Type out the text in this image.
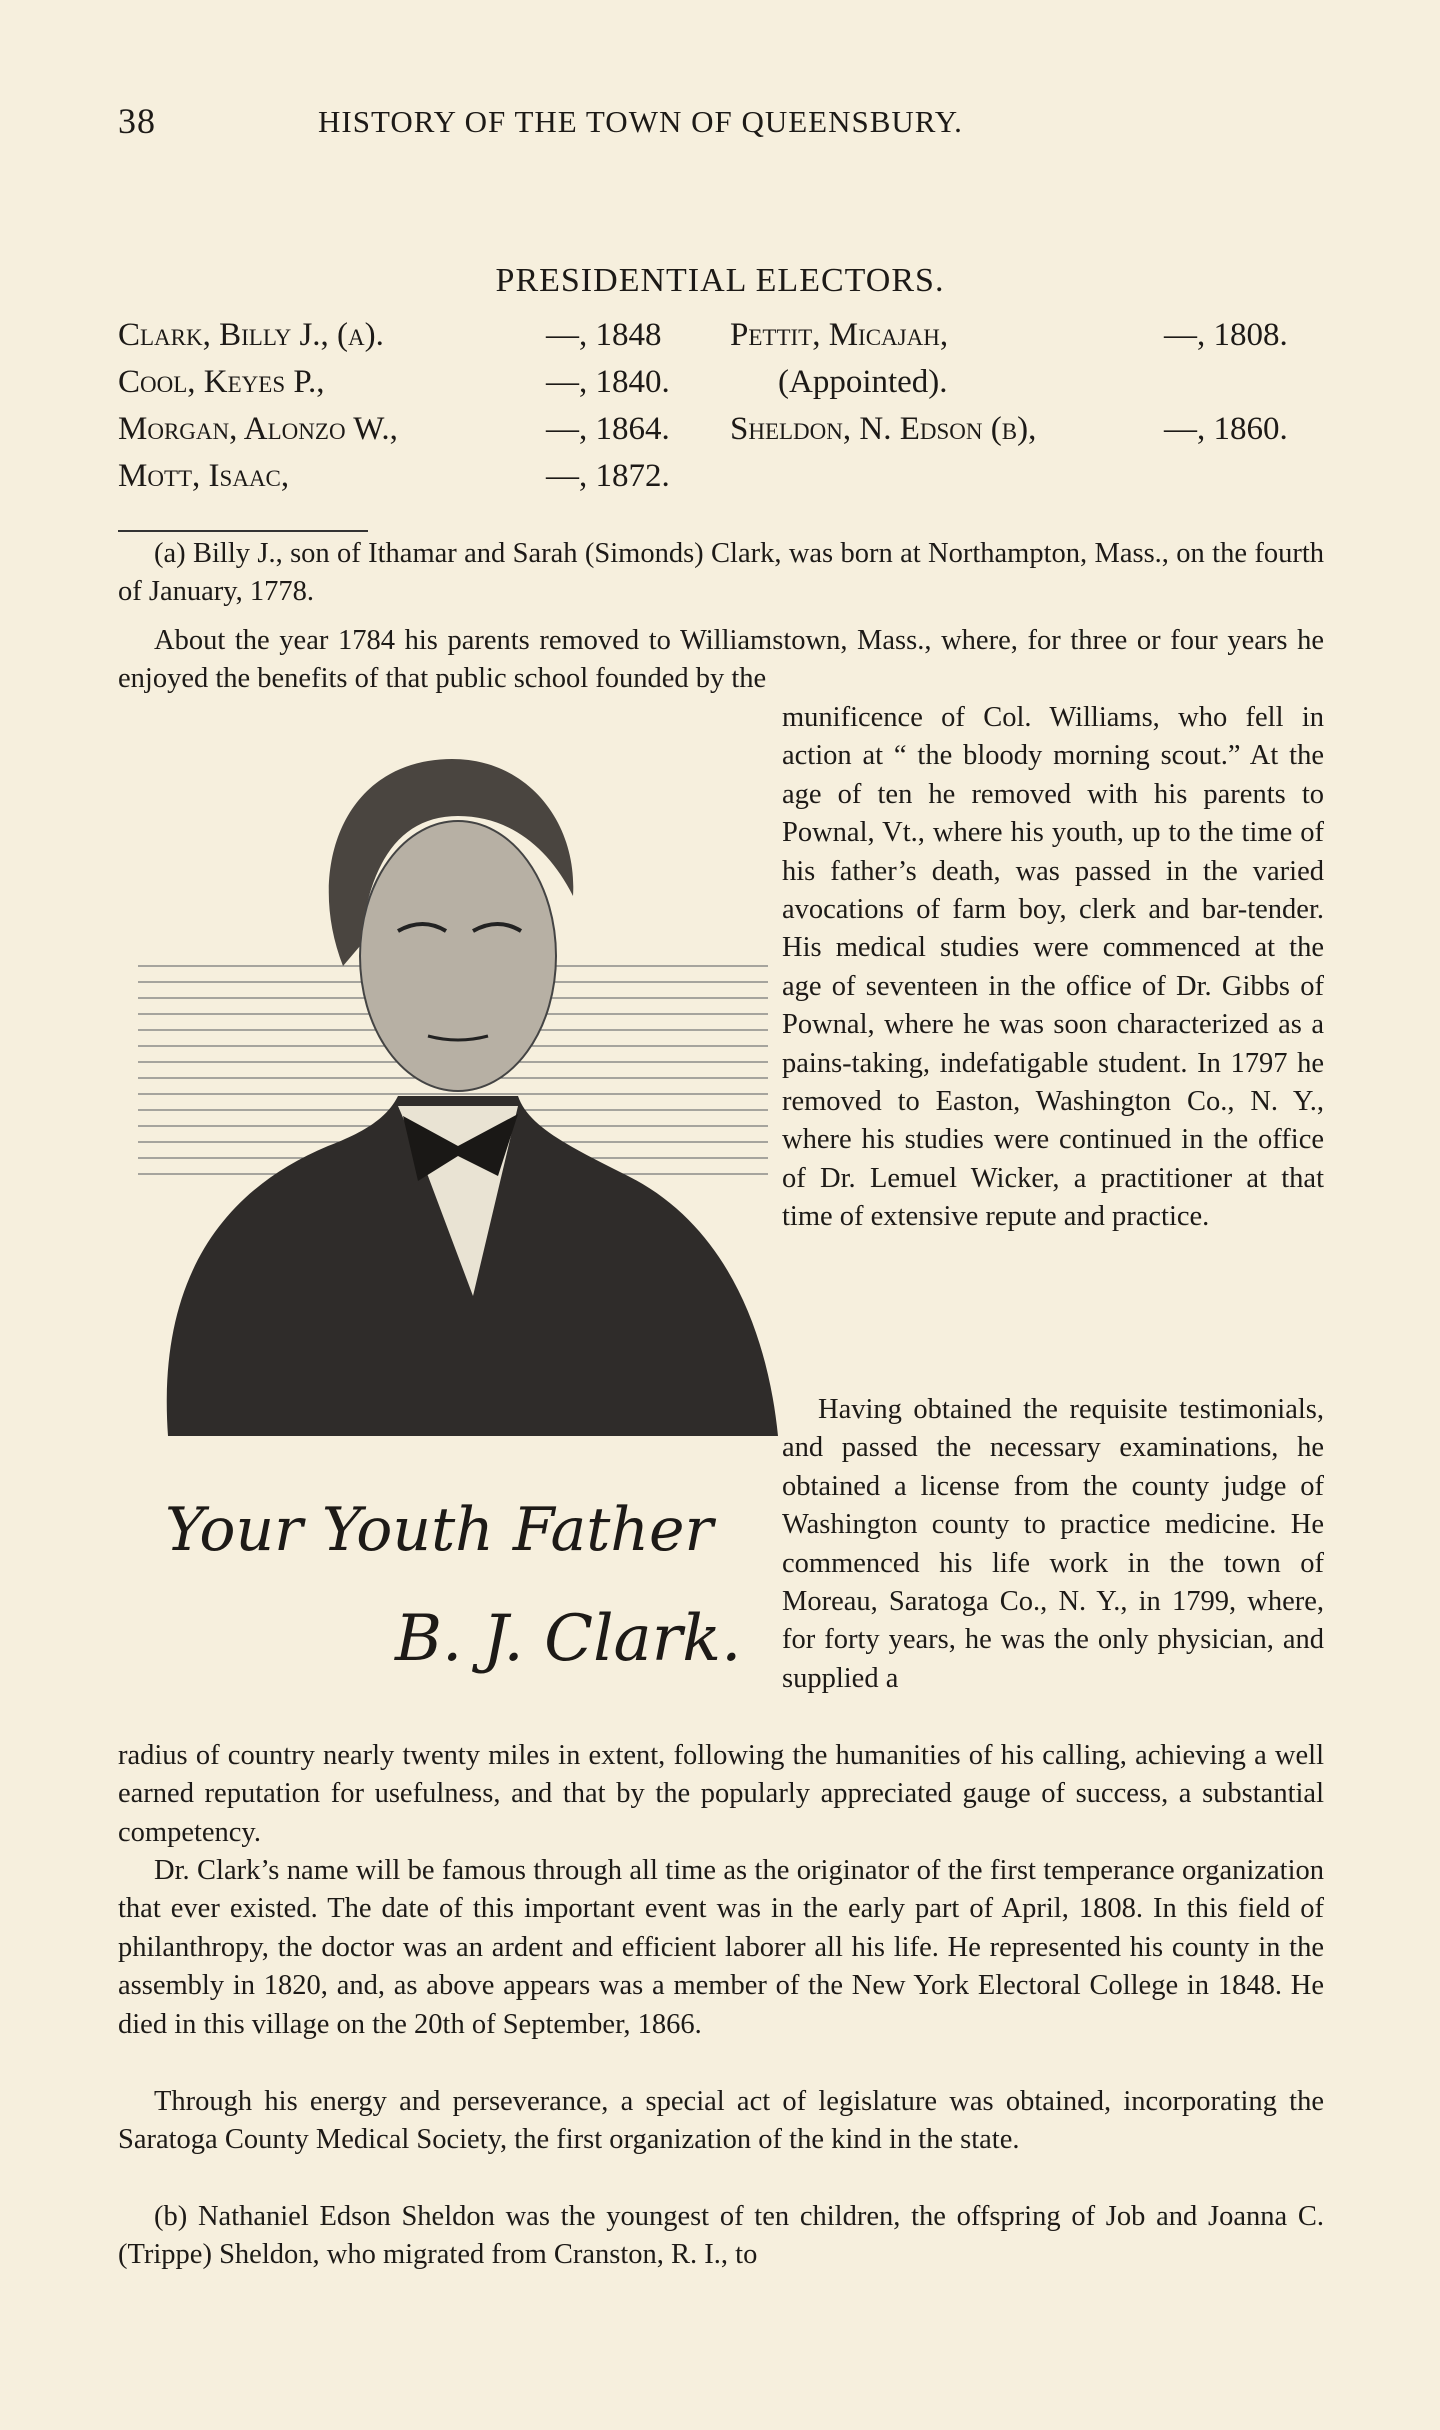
38	HISTORY OF THE TOWN OF QUEENSBURY.
PRESIDENTIAL ELECTORS.
Clark, Billy J., (a).	—, 1848 Pettit, Micajah,	—, 1808.
Cool, Keyes P.,	—, 1840.	(Appointed).
Morgan, Alonzo W.,	—, 1864. Sheldon, N. Edson (b),	—, 1860.
Mott, Isaac,	—, 1872.
(a) Billy J., son of Ithamar and Sarah (Simonds) Clark, was born at Northampton, Mass., on the fourth of January, 1778.
About the year 1784 his parents removed to Williamstown, Mass., where, for three or four years he enjoyed the benefits of that public school founded by the
munificence of Col. Williams, who fell in action at “ the bloody morning scout.” At the age of ten he removed with his parents to Pownal, Vt., where his youth, up to the time of his father’s death, was passed in the varied avocations of farm boy, clerk and bar-tender. His medical studies were commenced at the age of seventeen in the office of Dr. Gibbs of Pownal, where he was soon characterized as a pains-taking, indefatigable student. In 1797 he removed to Easton, Washington Co., N. Y., where his studies were continued in the office of Dr. Lemuel Wicker, a practitioner at that time of extensive repute and practice.
Having obtained the requisite testimonials, and passed the necessary examinations, he obtained a license from the county judge of Washington county to practice medicine. He commenced his life work in the town of Moreau, Saratoga Co., N. Y., in 1799, where, for forty years, he was the only physician, and supplied a
radius of country nearly twenty miles in extent, following the humanities of his calling, achieving a well earned reputation for usefulness, and that by the popularly appreciated gauge of success, a substantial competency.
Dr. Clark’s name will be famous through all time as the originator of the first temperance organization that ever existed. The date of this important event was in the early part of April, 1808. In this field of philanthropy, the doctor was an ardent and efficient laborer all his life. He represented his county in the assembly in 1820, and, as above appears was a member of the New York Electoral College in 1848. He died in this village on the 20th of September, 1866.
Through his energy and perseverance, a special act of legislature was obtained, incorporating the Saratoga County Medical Society, the first organization of the kind in the state.
(b) Nathaniel Edson Sheldon was the youngest of ten children, the offspring of Job and Joanna C. (Trippe) Sheldon, who migrated from Cranston, R. I., to
Your Youth Father
B. J. Clark.
